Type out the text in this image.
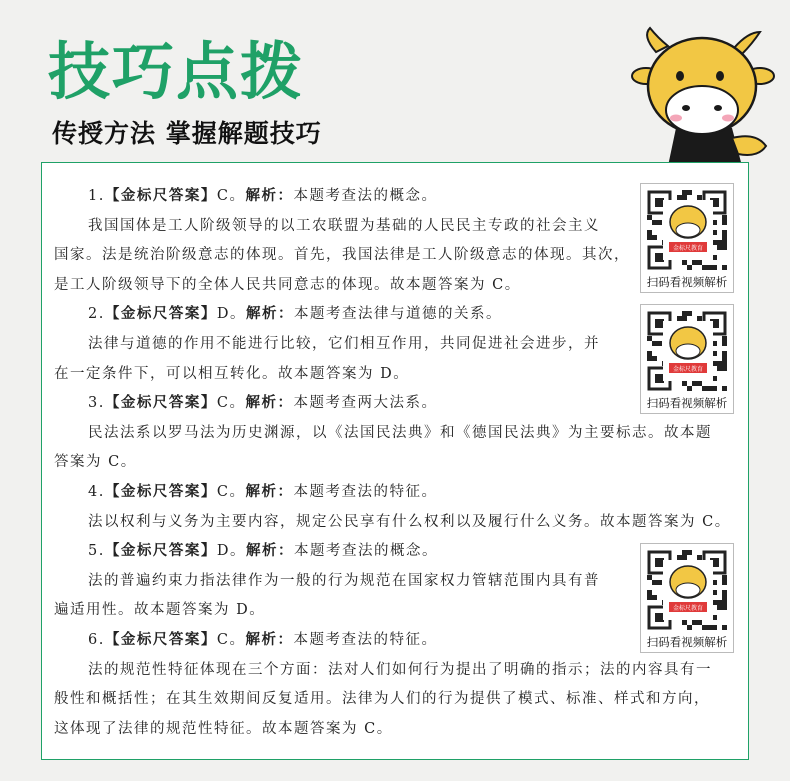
技巧点拨
传授方法 掌握解题技巧
1.【金标尺答案】C。解析：本题考查法的概念。
我国国体是工人阶级领导的以工农联盟为基础的人民民主专政的社会主义
国家。法是统治阶级意志的体现。首先，我国法律是工人阶级意志的体现。其次，
是工人阶级领导下的全体人民共同意志的体现。故本题答案为 C。
2.【金标尺答案】D。解析：本题考查法律与道德的关系。
法律与道德的作用不能进行比较，它们相互作用，共同促进社会进步，并
在一定条件下，可以相互转化。故本题答案为 D。
3.【金标尺答案】C。解析：本题考查两大法系。
民法法系以罗马法为历史渊源，以《法国民法典》和《德国民法典》为主要标志。故本题
答案为 C。
4.【金标尺答案】C。解析：本题考查法的特征。
法以权利与义务为主要内容，规定公民享有什么权利以及履行什么义务。故本题答案为 C。
5.【金标尺答案】D。解析：本题考查法的概念。
法的普遍约束力指法律作为一般的行为规范在国家权力管辖范围内具有普
遍适用性。故本题答案为 D。
6.【金标尺答案】C。解析：本题考查法的特征。
法的规范性特征体现在三个方面：法对人们如何行为提出了明确的指示；法的内容具有一
般性和概括性；在其生效期间反复适用。法律为人们的行为提供了模式、标准、样式和方向，
这体现了法律的规范性特征。故本题答案为 C。
金标尺教育
扫码看视频解析
金标尺教育
扫码看视频解析
金标尺教育
扫码看视频解析
